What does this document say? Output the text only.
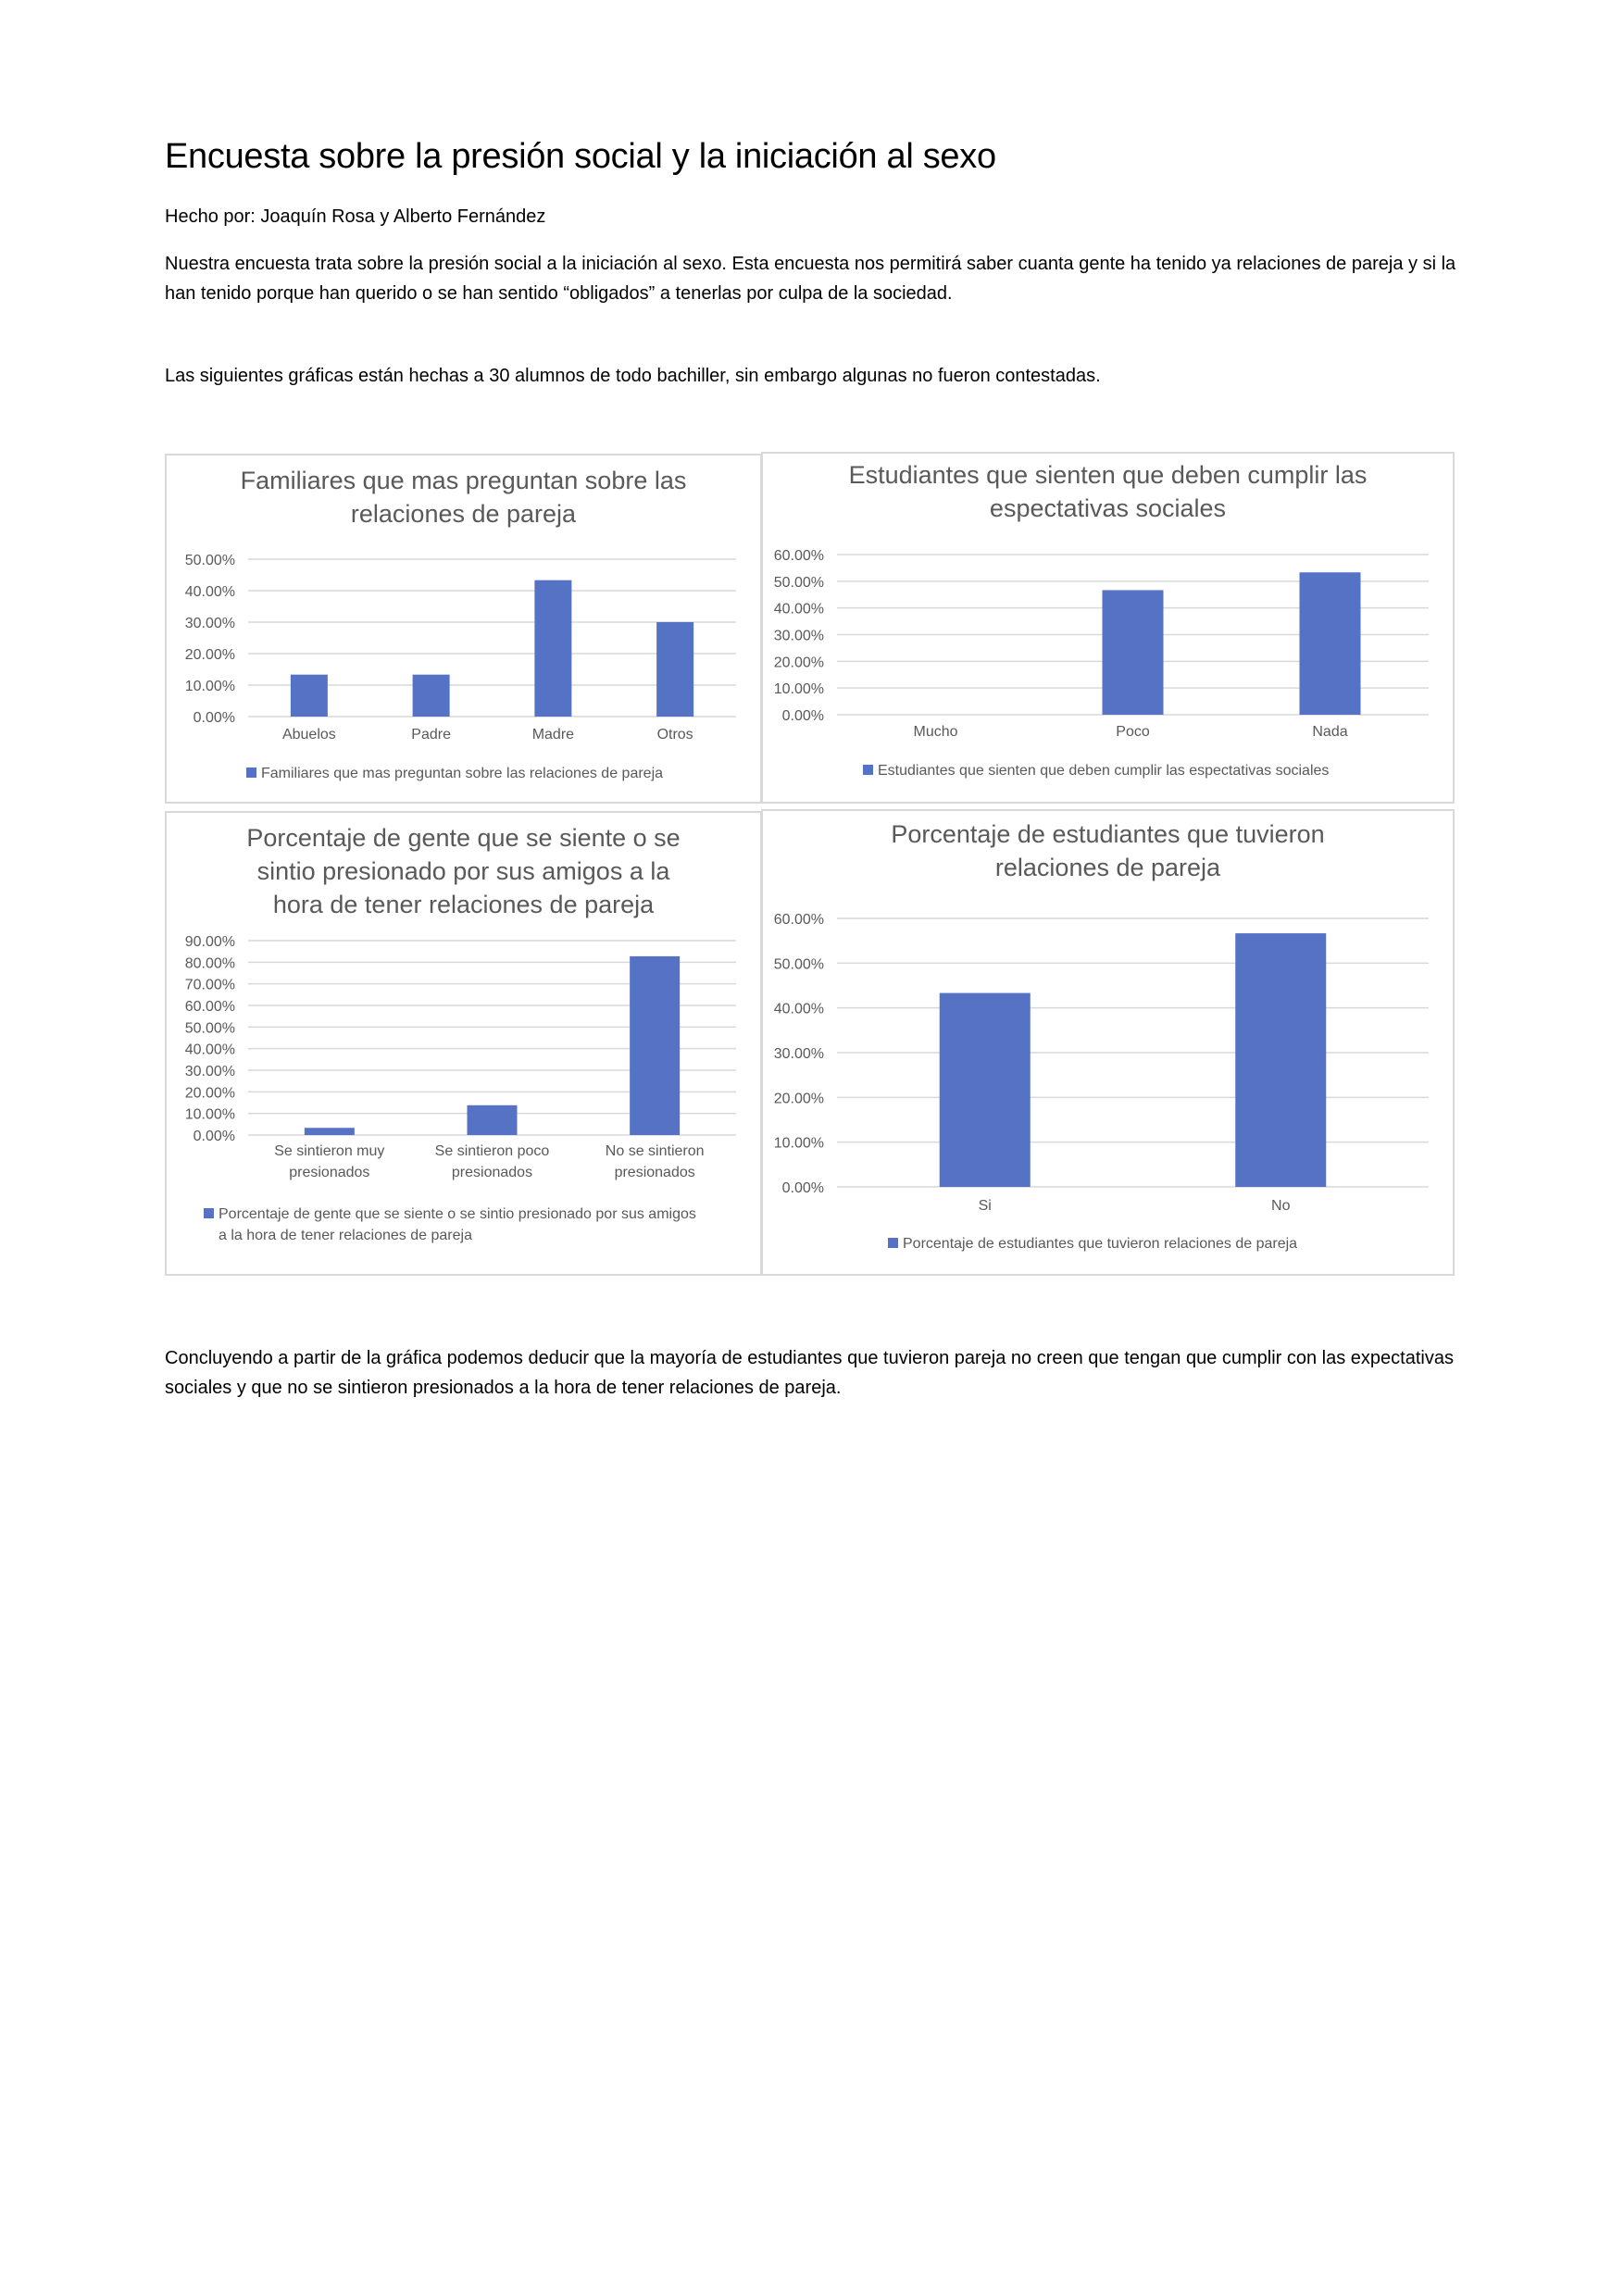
Encuesta sobre la presión social y la iniciación al sexo
Hecho por: Joaquín Rosa y Alberto Fernández

Nuestra encuesta trata sobre la presión social a la iniciación al sexo. Esta encuesta nos permitirá saber cuanta gente ha tenido ya relaciones de pareja y si la han tenido porque han querido o se han sentido “obligados” a tenerlas por culpa de la sociedad.

Las siguientes gráficas están hechas a 30 alumnos de todo bachiller, sin embargo algunas no fueron contestadas.
Familiares que mas preguntan sobre las
relaciones de pareja
0.00%
10.00%
20.00%
30.00%
40.00%
50.00%
Abuelos	Padre	Madre	Otros
Familiares que mas preguntan sobre las relaciones de pareja
Estudiantes que sienten que deben cumplir las
espectativas sociales
0.00%
10.00%
20.00%
30.00%
40.00%
50.00%
60.00%
Mucho	Poco	Nada
Estudiantes que sienten que deben cumplir las espectativas sociales
Porcentaje de gente que se siente o se
sintio presionado por sus amigos a la
hora de tener relaciones de pareja
0.00%
10.00%
20.00%
30.00%
40.00%
50.00%
60.00%
70.00%
80.00%
90.00%
Se sintieron muy
presionados
Se sintieron poco
presionados
No se sintieron
presionados
Porcentaje de gente que se siente o se sintio presionado por sus amigos
a la hora de tener relaciones de pareja
Porcentaje de estudiantes que tuvieron
relaciones de pareja
0.00%
10.00%
20.00%
30.00%
40.00%
50.00%
60.00%
Si	No
Porcentaje de estudiantes que tuvieron relaciones de pareja

Concluyendo a partir de la gráfica podemos deducir que la mayoría de estudiantes que tuvieron pareja no creen que tengan que cumplir con las expectativas sociales y que no se sintieron presionados a la hora de tener relaciones de pareja.
